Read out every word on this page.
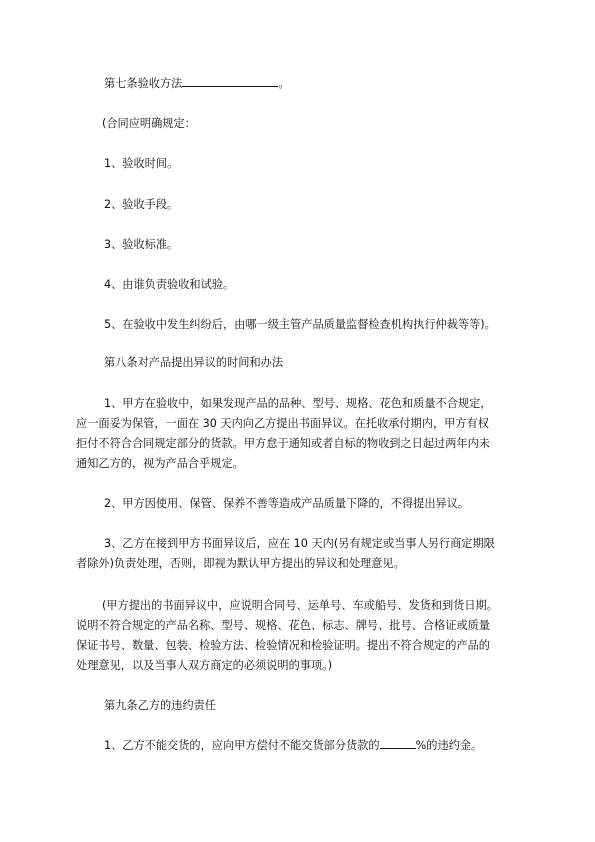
第七条验收方法	。
(合同应明确规定：
1、验收时间。
2、验收手段。
3、验收标准。
4、由谁负责验收和试验。
5、在验收中发生纠纷后，由哪一级主管产品质量监督检查机构执行仲裁等等)。
第八条对产品提出异议的时间和办法
1、甲方在验收中，如果发现产品的品种、型号、规格、花色和质量不合规定，
应一面妥为保管，一面在 30 天内向乙方提出书面异议。在托收承付期内，甲方有权
拒付不符合合同规定部分的货款。甲方怠于通知或者自标的物收到之日起过两年内未
通知乙方的，视为产品合乎规定。
2、甲方因使用、保管、保养不善等造成产品质量下降的，不得提出异议。
3、乙方在接到甲方书面异议后，应在 10 天内(另有规定或当事人另行商定期限
者除外)负责处理，否则，即视为默认甲方提出的异议和处理意见。
(甲方提出的书面异议中，应说明合同号、运单号、车或船号、发货和到货日期。
说明不符合规定的产品名称、型号、规格、花色、标志、牌号、批号、合格证或质量
保证书号、数量、包装、检验方法、检验情况和检验证明。提出不符合规定的产品的
处理意见，以及当事人双方商定的必须说明的事项。)
第九条乙方的违约责任
1、乙方不能交货的，应向甲方偿付不能交货部分货款的	%的违约金。
